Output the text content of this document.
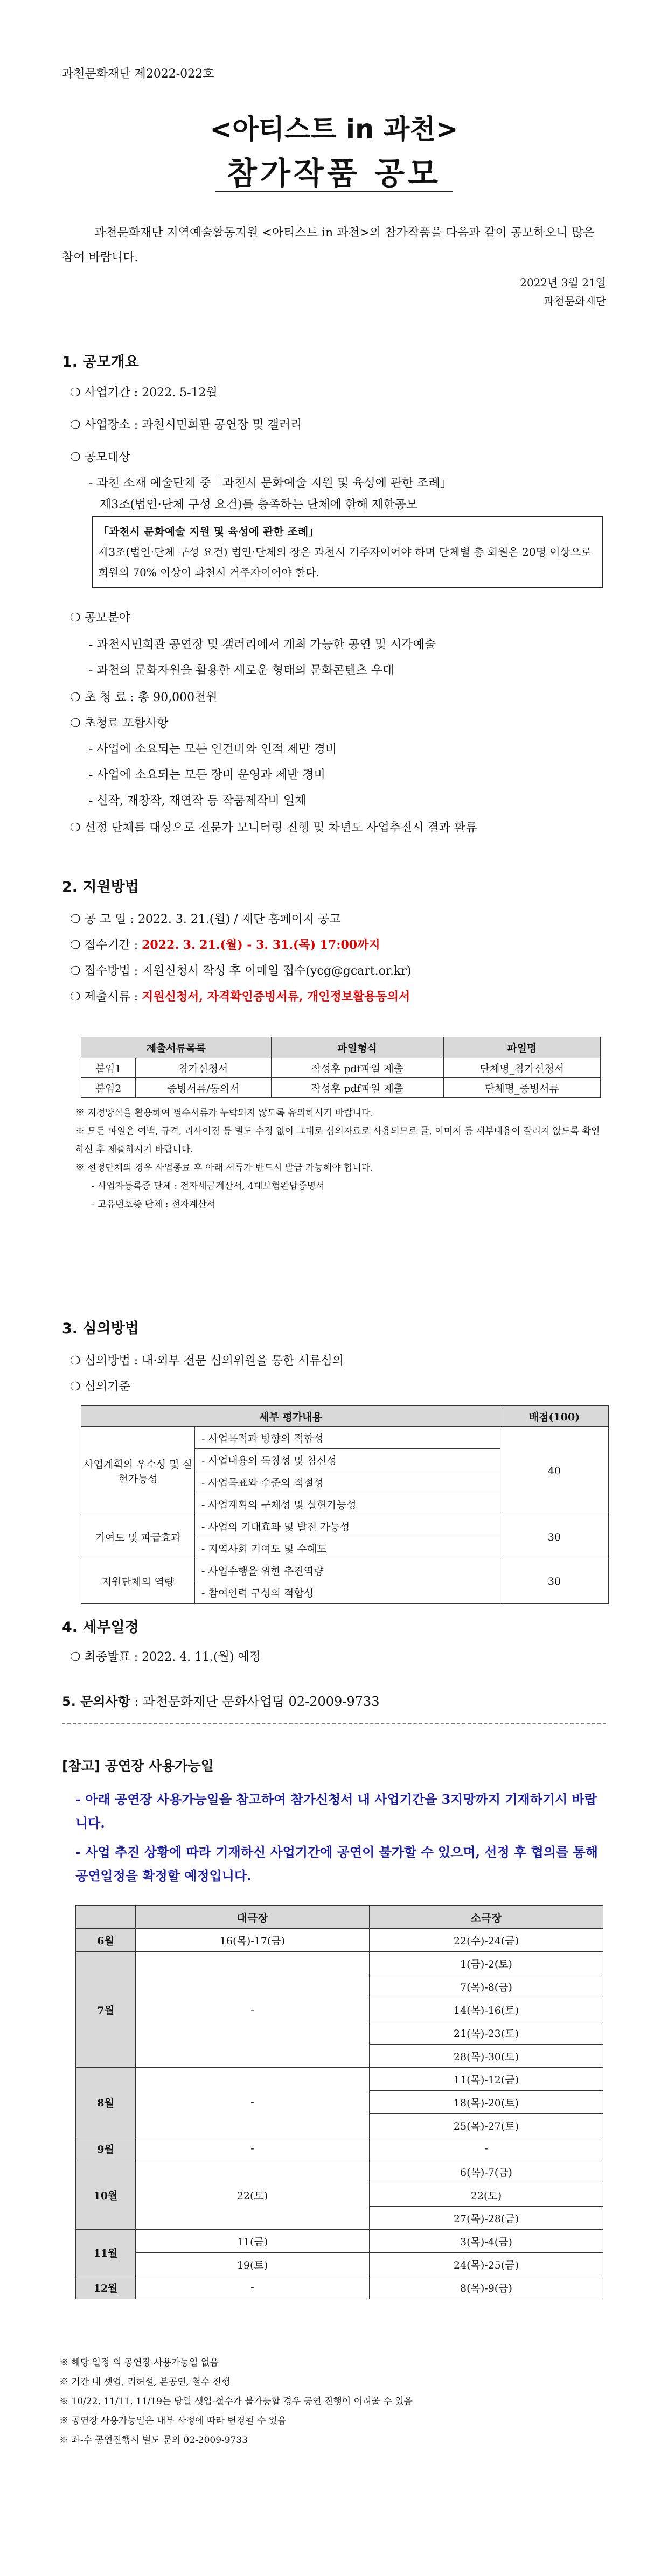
과천문화재단 제2022-022호
<아티스트 in 과천>
참가작품 공모
과천문화재단 지역예술활동지원 <아티스트 in 과천>의 참가작품을 다음과 같이 공모하오니 많은 참여 바랍니다.
2022년 3월 21일
과천문화재단
1. 공모개요
❍ 사업기간 : 2022. 5-12월
❍ 사업장소 : 과천시민회관 공연장 및 갤러리
❍ 공모대상
- 과천 소재 예술단체 중「과천시 문화예술 지원 및 육성에 관한 조례」
제3조(법인·단체 구성 요건)를 충족하는 단체에 한해 제한공모
「과천시 문화예술 지원 및 육성에 관한 조례」
제3조(법인·단체 구성 요건) 법인·단체의 장은 과천시 거주자이어야 하며 단체별 총 회원은 20명 이상으로 회원의 70% 이상이 과천시 거주자이어야 한다.
❍ 공모분야
- 과천시민회관 공연장 및 갤러리에서 개최 가능한 공연 및 시각예술
- 과천의 문화자원을 활용한 새로운 형태의 문화콘텐츠 우대
❍ 초 청 료 : 총 90,000천원
❍ 초청료 포함사항
- 사업에 소요되는 모든 인건비와 인적 제반 경비
- 사업에 소요되는 모든 장비 운영과 제반 경비
- 신작, 재창작, 재연작 등 작품제작비 일체
❍ 선정 단체를 대상으로 전문가 모니터링 진행 및 차년도 사업추진시 결과 환류
2. 지원방법
❍ 공 고 일 : 2022. 3. 21.(월) / 재단 홈페이지 공고
❍ 접수기간 : 2022. 3. 21.(월) - 3. 31.(목) 17:00까지
❍ 접수방법 : 지원신청서 작성 후 이메일 접수(ycg@gcart.or.kr)
❍ 제출서류 : 지원신청서, 자격확인증빙서류, 개인정보활용동의서
제출서류목록		파일형식	파일명
붙임1	참가신청서	작성후 pdf파일 제출	단체명_참가신청서
붙임2	증빙서류/동의서	작성후 pdf파일 제출	단체명_증빙서류
※ 지정양식을 활용하여 필수서류가 누락되지 않도록 유의하시기 바랍니다.
※ 모든 파일은 여백, 규격, 리사이징 등 별도 수정 없이 그대로 심의자료로 사용되므로 글, 이미지 등 세부내용이 잘리지 않도록 확인하신 후 제출하시기 바랍니다.
※ 선정단체의 경우 사업종료 후 아래 서류가 반드시 발급 가능해야 합니다.
- 사업자등록증 단체 : 전자세금계산서, 4대보험완납증명서
- 고유번호증 단체 : 전자계산서
3. 심의방법
❍ 심의방법 : 내·외부 전문 심의위원을 통한 서류심의
❍ 심의기준
세부 평가내용		배점(100)
사업계획의 우수성 및 실현가능성	- 사업목적과 방향의 적합성	40
	- 사업내용의 독창성 및 참신성	
	- 사업목표와 수준의 적절성	
	- 사업계획의 구체성 및 실현가능성	
기여도 및 파급효과	- 사업의 기대효과 및 발전 가능성	30
	- 지역사회 기여도 및 수혜도	
지원단체의 역량	- 사업수행을 위한 추진역량	30
	- 참여인력 구성의 적합성	
4. 세부일정
❍ 최종발표 : 2022. 4. 11.(월) 예정
5. 문의사항 : 과천문화재단 문화사업팀 02-2009-9733
[참고] 공연장 사용가능일
- 아래 공연장 사용가능일을 참고하여 참가신청서 내 사업기간을 3지망까지 기재하기시 바랍니다.
- 사업 추진 상황에 따라 기재하신 사업기간에 공연이 불가할 수 있으며, 선정 후 협의를 통해 공연일정을 확정할 예정입니다.
	대극장	소극장
6월	16(목)-17(금)	22(수)-24(금)
7월	-	1(금)-2(토)
		7(목)-8(금)
		14(목)-16(토)
		21(목)-23(토)
		28(목)-30(토)
8월	-	11(목)-12(금)
		18(목)-20(토)
		25(목)-27(토)
9월	-	-
10월	22(토)	6(목)-7(금)
		22(토)
		27(목)-28(금)
11월	11(금)	3(목)-4(금)
	19(토)	24(목)-25(금)
12월	-	8(목)-9(금)
※ 해당 일정 외 공연장 사용가능일 없음
※ 기간 내 셋업, 리허설, 본공연, 철수 진행
※ 10/22, 11/11, 11/19는 당일 셋업-철수가 불가능할 경우 공연 진행이 어려울 수 있음
※ 공연장 사용가능일은 내부 사정에 따라 변경될 수 있음
※ 좌-수 공연진행시 별도 문의 02-2009-9733
